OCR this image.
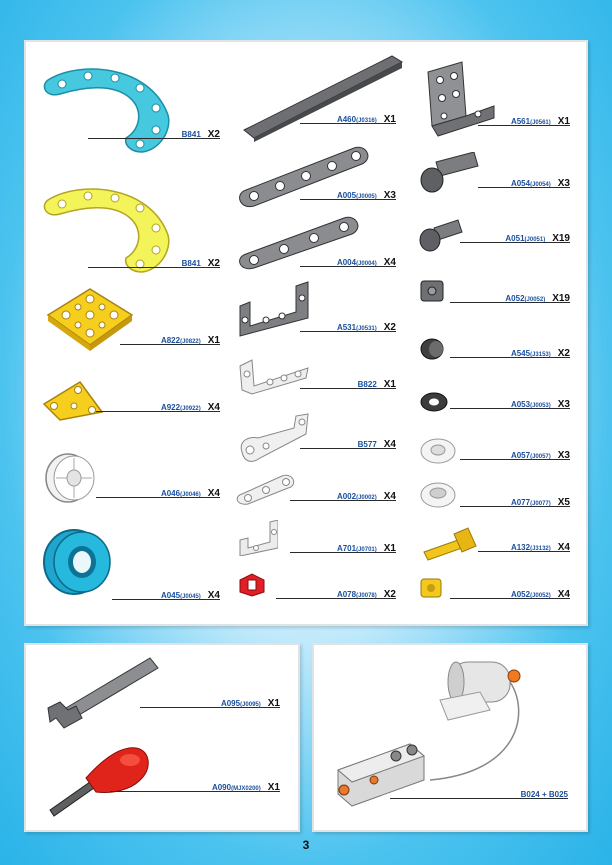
B841 X2
B841 X2
A822(J0822) X1
A922(J0922) X4
A046(J0046) X4
A045(J0045) X4
A460(J0316) X1
A005(J0005) X3
A004(J0004) X4
A531(J0531) X2
B822 X1
B577 X4
A002(J0002) X4
A701(J0701) X1
A078(J0078) X2
A561(J0561) X1
A054(J0054) X3
A051(J0051) X19
A052(J0052) X19
A545(J3153) X2
A053(J0053) X3
A057(J0057) X3
A077(J0077) X5
A132(J3132) X4
A052(J0052) X4
A095(J0095) X1
A090(MJX0200) X1
B024 + B025
3
